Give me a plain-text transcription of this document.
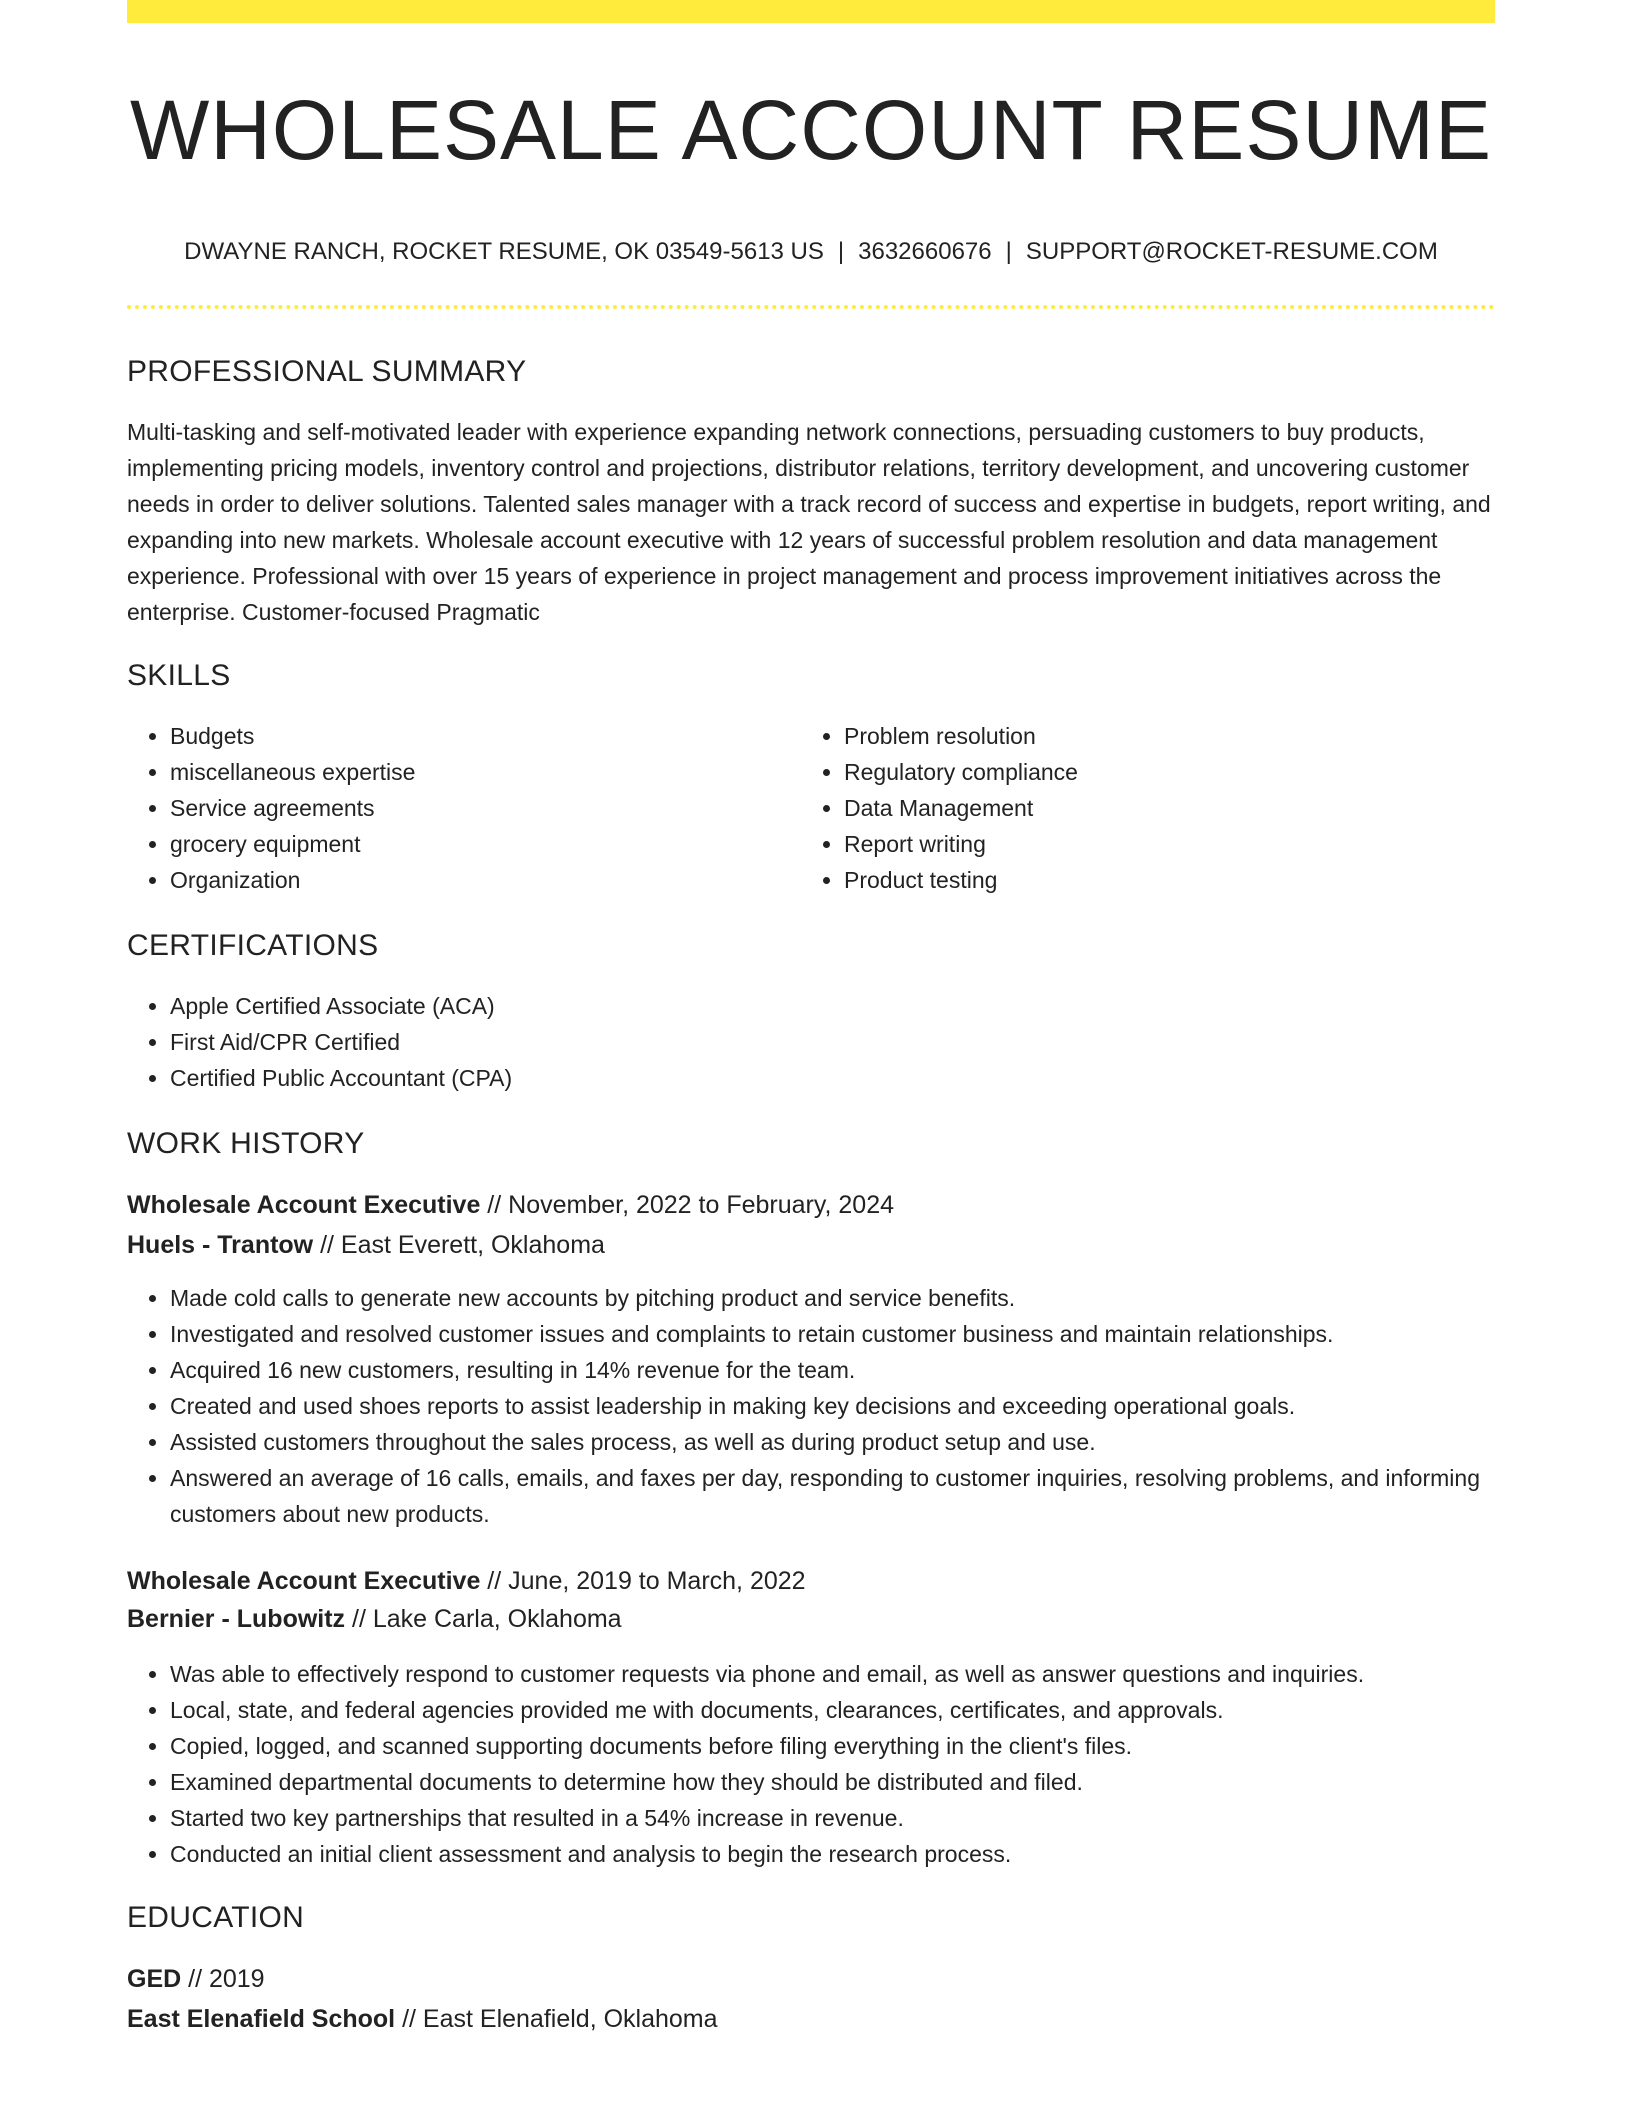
WHOLESALE ACCOUNT RESUME
DWAYNE RANCH, ROCKET RESUME, OK 03549-5613 US | 3632660676 | SUPPORT@ROCKET-RESUME.COM
PROFESSIONAL SUMMARY
Multi-tasking and self-motivated leader with experience expanding network connections, persuading customers to buy products, implementing pricing models, inventory control and projections, distributor relations, territory development, and uncovering customer needs in order to deliver solutions. Talented sales manager with a track record of success and expertise in budgets, report writing, and expanding into new markets. Wholesale account executive with 12 years of successful problem resolution and data management experience. Professional with over 15 years of experience in project management and process improvement initiatives across the enterprise. Customer-focused Pragmatic
SKILLS
• Budgets
• miscellaneous expertise
• Service agreements
• grocery equipment
• Organization
• Problem resolution
• Regulatory compliance
• Data Management
• Report writing
• Product testing
CERTIFICATIONS
• Apple Certified Associate (ACA)
• First Aid/CPR Certified
• Certified Public Accountant (CPA)
WORK HISTORY
Wholesale Account Executive // November, 2022 to February, 2024
Huels - Trantow // East Everett, Oklahoma
• Made cold calls to generate new accounts by pitching product and service benefits.
• Investigated and resolved customer issues and complaints to retain customer business and maintain relationships.
• Acquired 16 new customers, resulting in 14% revenue for the team.
• Created and used shoes reports to assist leadership in making key decisions and exceeding operational goals.
• Assisted customers throughout the sales process, as well as during product setup and use.
• Answered an average of 16 calls, emails, and faxes per day, responding to customer inquiries, resolving problems, and informing customers about new products.
Wholesale Account Executive // June, 2019 to March, 2022
Bernier - Lubowitz // Lake Carla, Oklahoma
• Was able to effectively respond to customer requests via phone and email, as well as answer questions and inquiries.
• Local, state, and federal agencies provided me with documents, clearances, certificates, and approvals.
• Copied, logged, and scanned supporting documents before filing everything in the client's files.
• Examined departmental documents to determine how they should be distributed and filed.
• Started two key partnerships that resulted in a 54% increase in revenue.
• Conducted an initial client assessment and analysis to begin the research process.
EDUCATION
GED // 2019
East Elenafield School // East Elenafield, Oklahoma
